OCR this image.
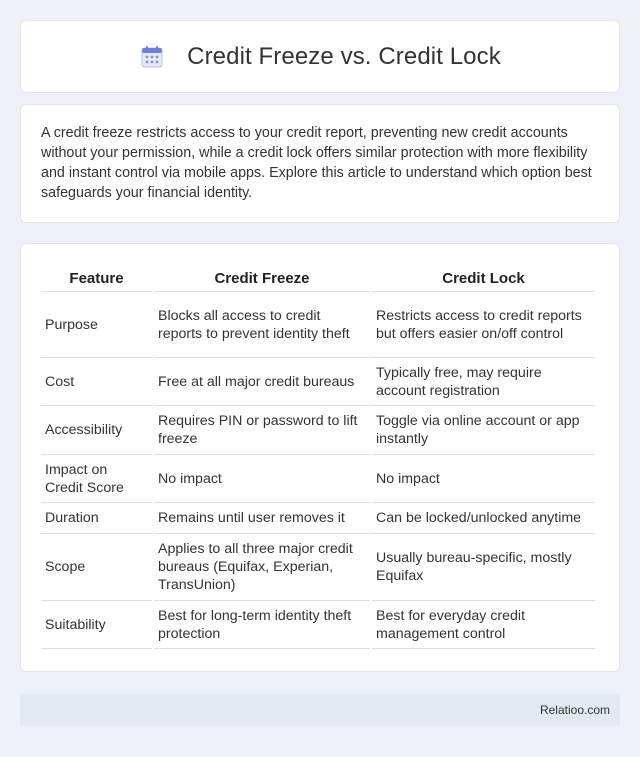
Credit Freeze vs. Credit Lock

A credit freeze restricts access to your credit report, preventing new credit accounts without your permission, while a credit lock offers similar protection with more flexibility and instant control via mobile apps. Explore this article to understand which option best safeguards your financial identity.

Feature	Credit Freeze	Credit Lock
Purpose	Blocks all access to credit reports to prevent identity theft	Restricts access to credit reports but offers easier on/off control
Cost	Free at all major credit bureaus	Typically free, may require account registration
Accessibility	Requires PIN or password to lift freeze	Toggle via online account or app instantly
Impact on Credit Score	No impact	No impact
Duration	Remains until user removes it	Can be locked/unlocked anytime
Scope	Applies to all three major credit bureaus (Equifax, Experian, TransUnion)	Usually bureau-specific, mostly Equifax
Suitability	Best for long-term identity theft protection	Best for everyday credit management control
Relatioo.com
